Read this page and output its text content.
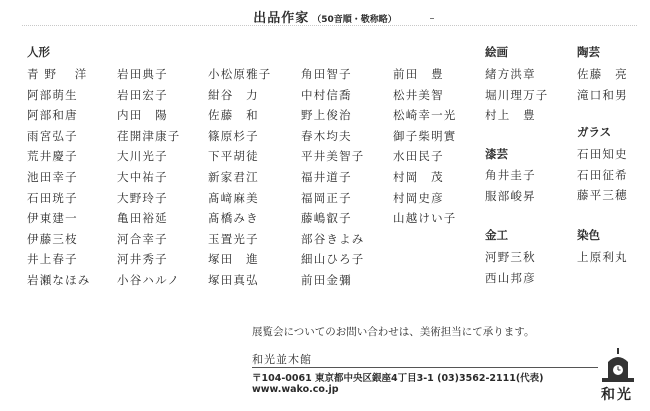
出品作家 （50音順・敬称略）
人形
青 野　 洋
阿部萌生
阿部和唐
雨宮弘子
荒井慶子
池田幸子
石田珖子
伊東建一
伊藤三枝
井上春子
岩瀬なほみ
岩田典子
岩田宏子
内田　陽
荏開津康子
大川光子
大中祐子
大野玲子
亀田裕延
河合幸子
河井秀子
小谷ハルノ
小松原雅子
紺谷　力
佐藤　和
篠原杉子
下平胡徒
新家君江
髙﨑麻美
髙橋みき
玉置光子
塚田　進
塚田真弘
角田智子
中村信喬
野上俊治
春木均夫
平井美智子
福井道子
福岡正子
藤嶋叡子
部谷きよみ
細山ひろ子
前田金彌
前田　豊
松井美智
松崎幸一光
御子柴明實
水田民子
村岡　茂
村岡史彦
山越けい子
絵画
緒方洪章
堀川理万子
村上　豊
漆芸
角井圭子
服部峻昇
金工
河野三秋
西山邦彦
陶芸
佐藤　亮
滝口和男
ガラス
石田知史
石田征希
藤平三穂
染色
上原利丸
展覧会についてのお問い合わせは、美術担当にて承ります。
和光並木館
〒104-0061 東京都中央区銀座4丁目3-1 (03)3562-2111(代表)
www.wako.co.jp	和光
